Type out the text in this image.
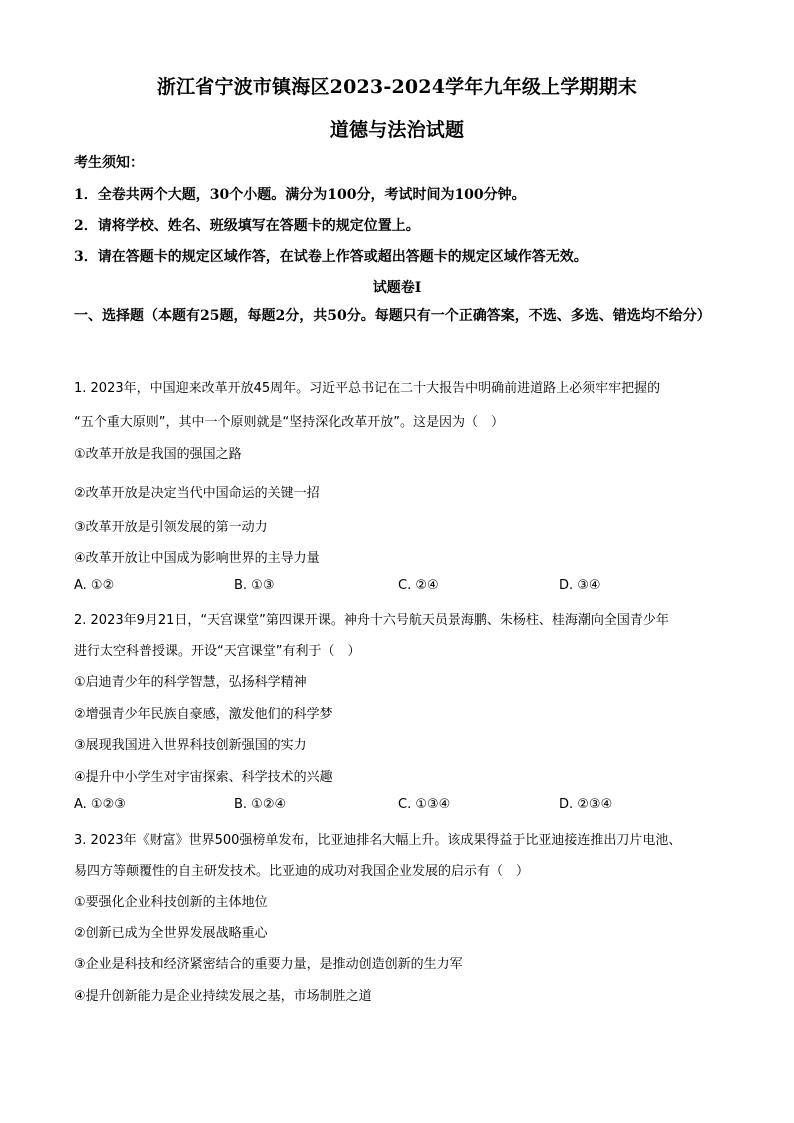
浙江省宁波市镇海区2023-2024学年九年级上学期期末
道德与法治试题
考生须知：
1．全卷共两个大题，30个小题。满分为100分，考试时间为100分钟。
2．请将学校、姓名、班级填写在答题卡的规定位置上。
3．请在答题卡的规定区域作答，在试卷上作答或超出答题卡的规定区域作答无效。
试题卷Ⅰ
一、选择题（本题有25题，每题2分，共50分。每题只有一个正确答案，不选、多选、错选均不给分）
1. 2023年，中国迎来改革开放45周年。习近平总书记在二十大报告中明确前进道路上必须牢牢把握的
“五个重大原则”，其中一个原则就是“坚持深化改革开放”。这是因为（　）
①改革开放是我国的强国之路
②改革开放是决定当代中国命运的关键一招
③改革开放是引领发展的第一动力
④改革开放让中国成为影响世界的主导力量
A. ①②	B. ①③	C. ②④	D. ③④
2. 2023年9月21日，“天宫课堂”第四课开课。神舟十六号航天员景海鹏、朱杨柱、桂海潮向全国青少年
进行太空科普授课。开设“天宫课堂”有利于（　）
①启迪青少年的科学智慧，弘扬科学精神
②增强青少年民族自豪感，激发他们的科学梦
③展现我国进入世界科技创新强国的实力
④提升中小学生对宇宙探索、科学技术的兴趣
A. ①②③	B. ①②④	C. ①③④	D. ②③④
3. 2023年《财富》世界500强榜单发布，比亚迪排名大幅上升。该成果得益于比亚迪接连推出刀片电池、
易四方等颠覆性的自主研发技术。比亚迪的成功对我国企业发展的启示有（　）
①要强化企业科技创新的主体地位
②创新已成为全世界发展战略重心
③企业是科技和经济紧密结合的重要力量，是推动创造创新的生力军
④提升创新能力是企业持续发展之基，市场制胜之道
